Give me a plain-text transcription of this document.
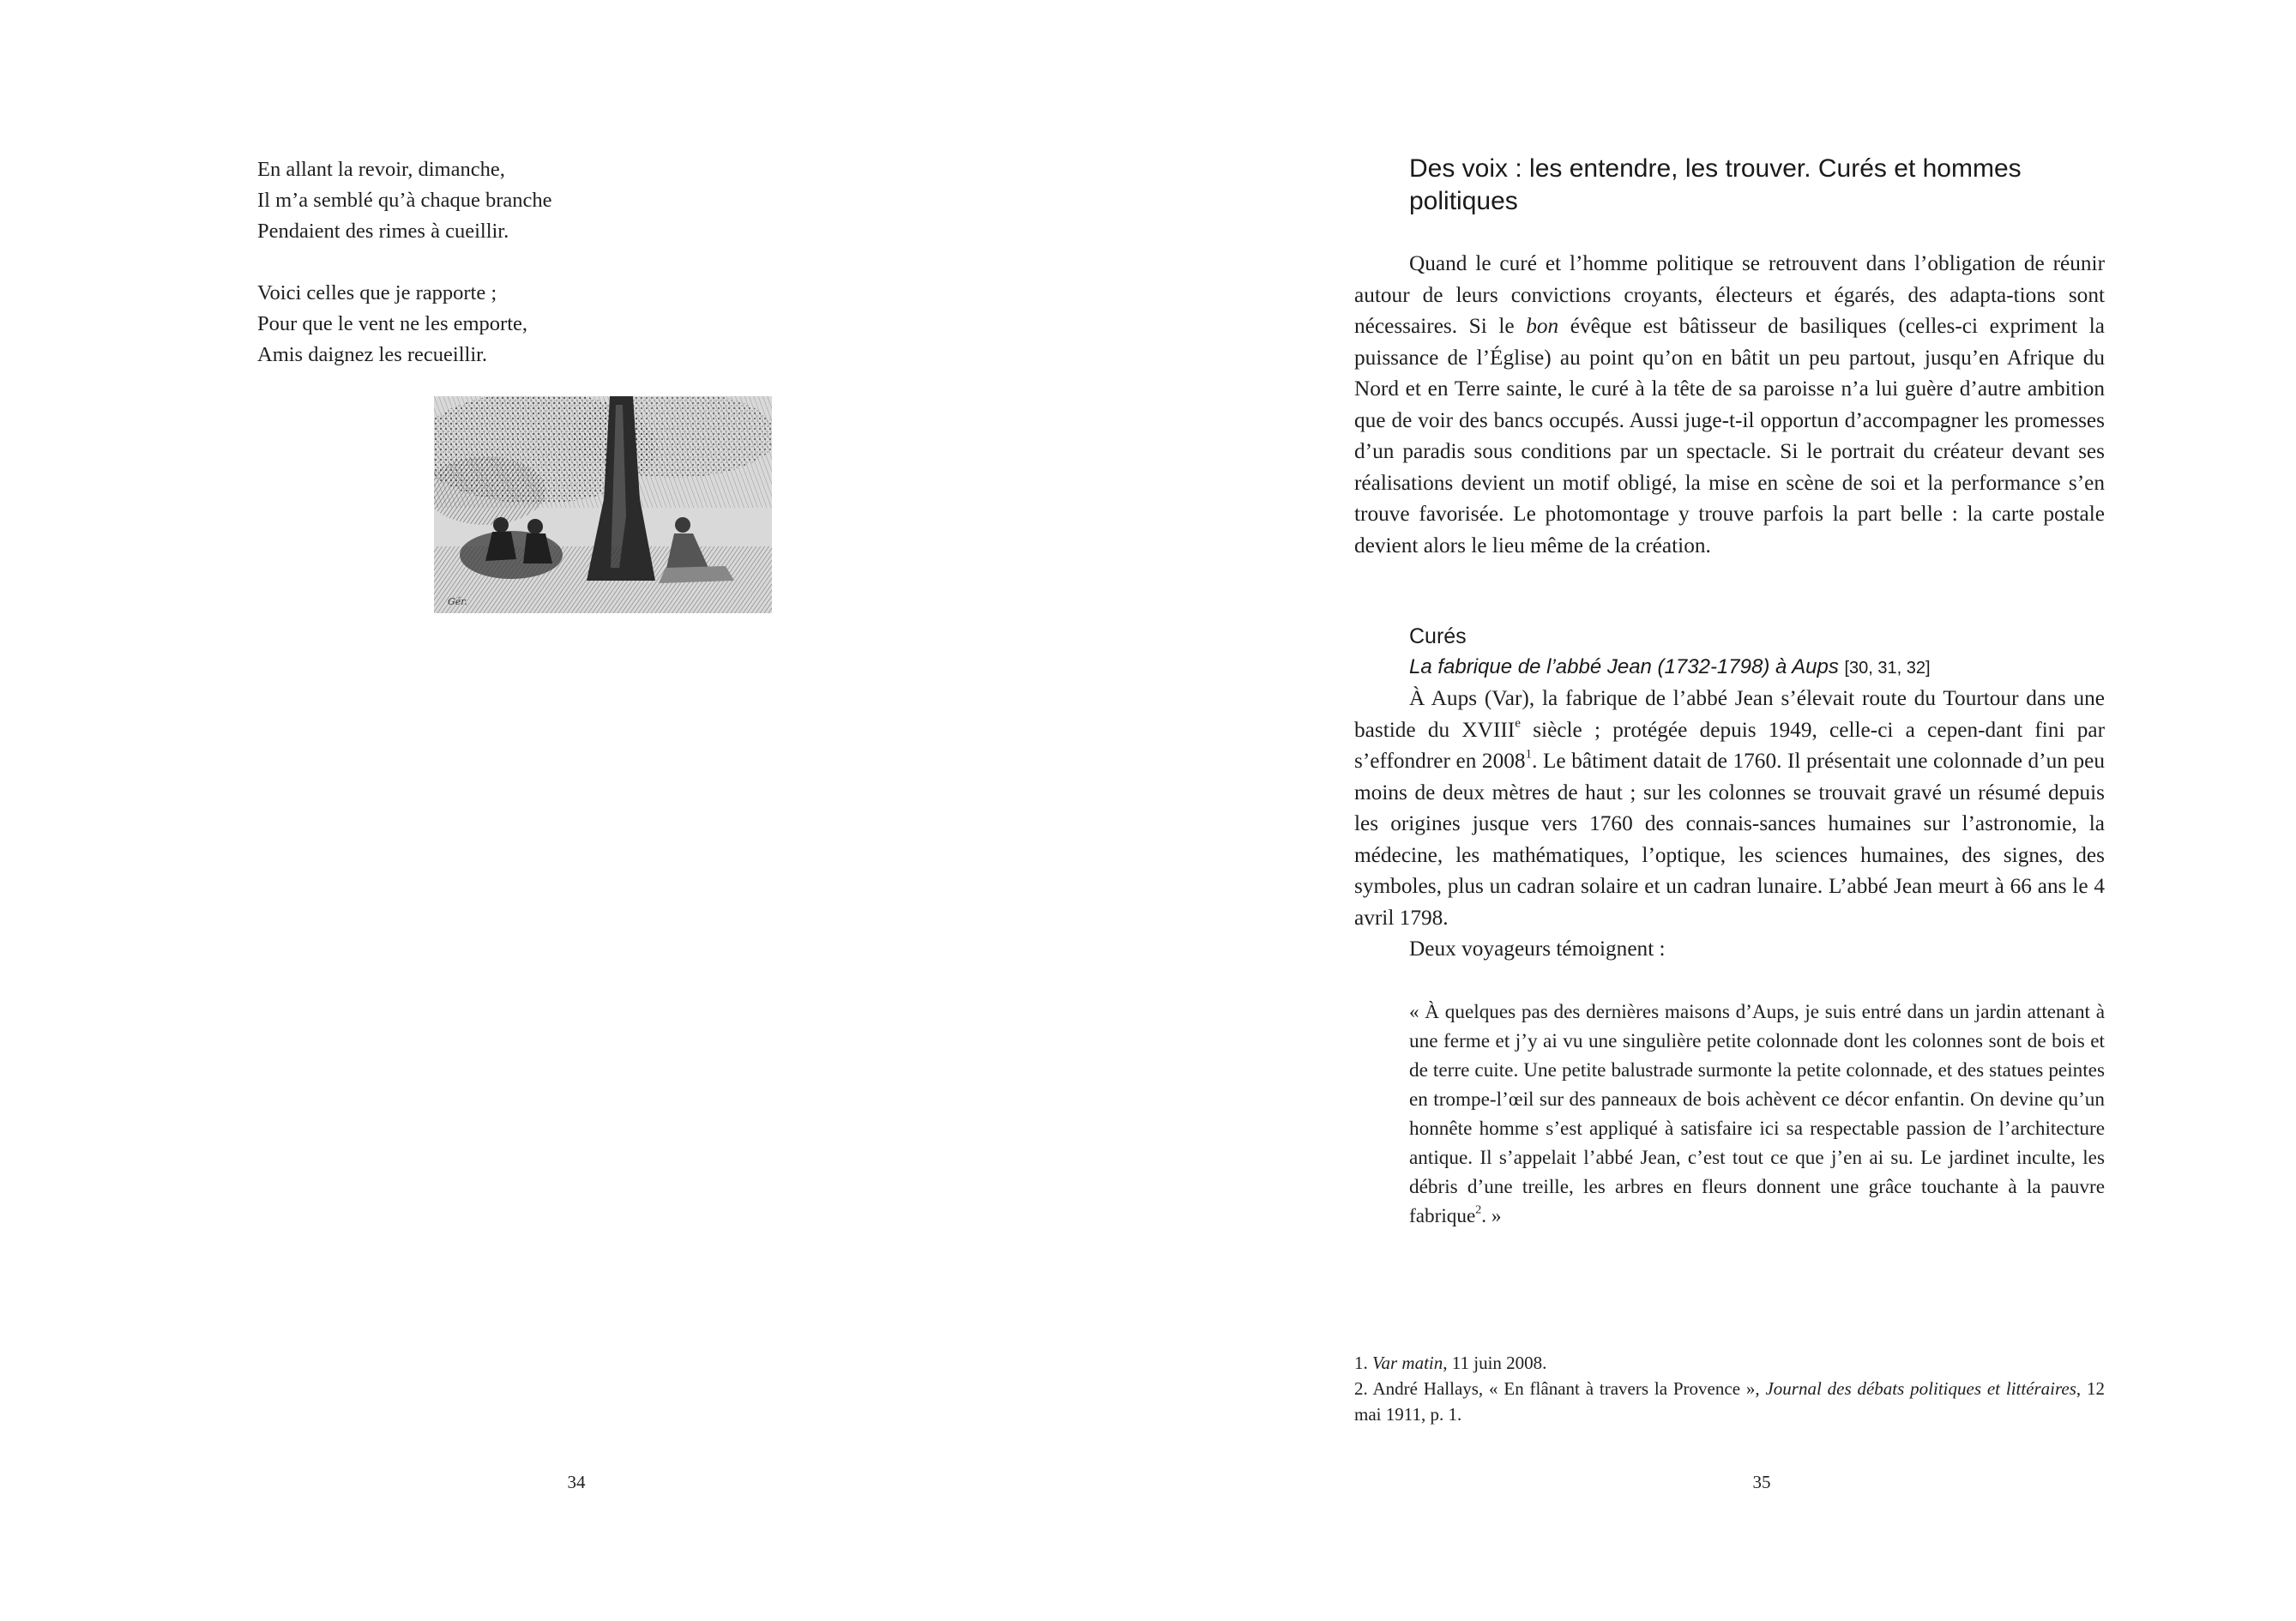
En allant la revoir, dimanche,
Il m’a semblé qu’à chaque branche
Pendaient des rimes à cueillir.
Voici celles que je rapporte ;
Pour que le vent ne les emporte,
Amis daignez les recueillir.
Gér.
34
Des voix : les entendre, les trouver. Curés et hommes
politiques

Quand le curé et l’homme politique se retrouvent dans l’obligation de réunir autour de leurs convictions croyants, électeurs et égarés, des adapta-tions sont nécessaires. Si le bon évêque est bâtisseur de basiliques (celles-ci expriment la puissance de l’Église) au point qu’on en bâtit un peu partout, jusqu’en Afrique du Nord et en Terre sainte, le curé à la tête de sa paroisse n’a lui guère d’autre ambition que de voir des bancs occupés. Aussi juge-t-il opportun d’accompagner les promesses d’un paradis sous conditions par un spectacle. Si le portrait du créateur devant ses réalisations devient un motif obligé, la mise en scène de soi et la performance s’en trouve favorisée. Le photomontage y trouve parfois la part belle : la carte postale devient alors le lieu même de la création.

Curés
La fabrique de l’abbé Jean (1732-1798) à Aups [30, 31, 32]

À Aups (Var), la fabrique de l’abbé Jean s’élevait route du Tourtour dans une bastide du XVIIIe siècle ; protégée depuis 1949, celle-ci a cepen-dant fini par s’effondrer en 2008$^1$. Le bâtiment datait de 1760. Il présentait une colonnade d’un peu moins de deux mètres de haut ; sur les colonnes se trouvait gravé un résumé depuis les origines jusque vers 1760 des connais-sances humaines sur l’astronomie, la médecine, les mathématiques, l’optique, les sciences humaines, des signes, des symboles, plus un cadran solaire et un cadran lunaire. L’abbé Jean meurt à 66 ans le 4 avril 1798.

Deux voyageurs témoignent :

« À quelques pas des dernières maisons d’Aups, je suis entré dans un jardin attenant à une ferme et j’y ai vu une singulière petite colonnade dont les colonnes sont de bois et de terre cuite. Une petite balustrade surmonte la petite colonnade, et des statues peintes en trompe-l’œil sur des panneaux de bois achèvent ce décor enfantin. On devine qu’un honnête homme s’est appliqué à satisfaire ici sa respectable passion de l’architecture antique. Il s’appelait l’abbé Jean, c’est tout ce que j’en ai su. Le jardinet inculte, les débris d’une treille, les arbres en fleurs donnent une grâce touchante à la pauvre fabrique$^2$. »

1. Var matin, 11 juin 2008.
2. André Hallays, « En flânant à travers la Provence », Journal des débats politiques et littéraires, 12 mai 1911, p. 1.
35
